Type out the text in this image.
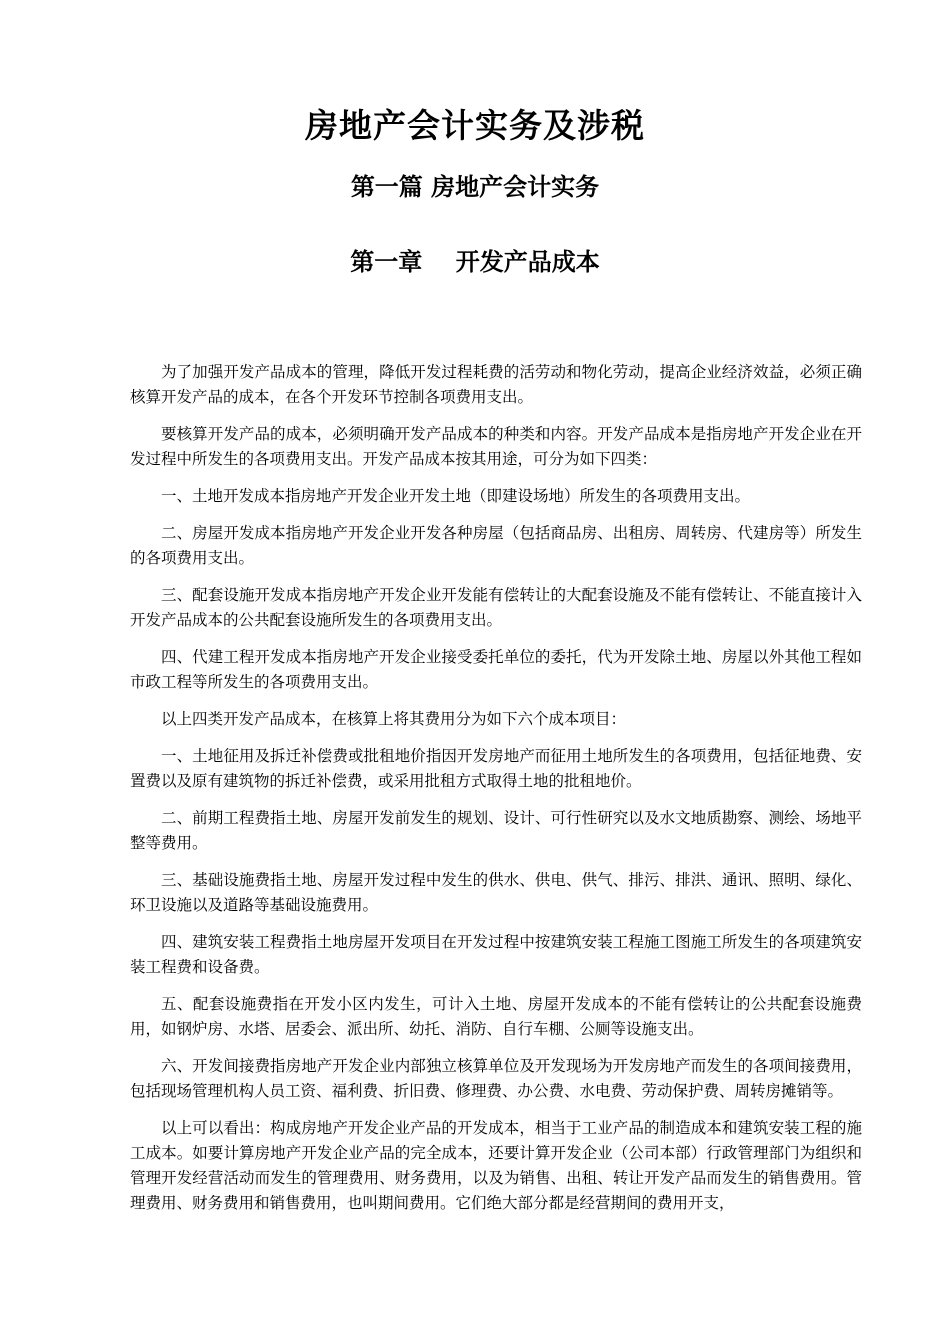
房地产会计实务及涉税
第一篇 房地产会计实务
第一章    开发产品成本

为了加强开发产品成本的管理，降低开发过程耗费的活劳动和物化劳动，提高企业经济效益，必须正确核算开发产品的成本，在各个开发环节控制各项费用支出。

要核算开发产品的成本，必须明确开发产品成本的种类和内容。开发产品成本是指房地产开发企业在开发过程中所发生的各项费用支出。开发产品成本按其用途，可分为如下四类：

一、土地开发成本指房地产开发企业开发土地（即建设场地）所发生的各项费用支出。

二、房屋开发成本指房地产开发企业开发各种房屋（包括商品房、出租房、周转房、代建房等）所发生的各项费用支出。

三、配套设施开发成本指房地产开发企业开发能有偿转让的大配套设施及不能有偿转让、不能直接计入开发产品成本的公共配套设施所发生的各项费用支出。

四、代建工程开发成本指房地产开发企业接受委托单位的委托，代为开发除土地、房屋以外其他工程如市政工程等所发生的各项费用支出。

以上四类开发产品成本，在核算上将其费用分为如下六个成本项目：

一、土地征用及拆迁补偿费或批租地价指因开发房地产而征用土地所发生的各项费用，包括征地费、安置费以及原有建筑物的拆迁补偿费，或采用批租方式取得土地的批租地价。

二、前期工程费指土地、房屋开发前发生的规划、设计、可行性研究以及水文地质勘察、测绘、场地平整等费用。

三、基础设施费指土地、房屋开发过程中发生的供水、供电、供气、排污、排洪、通讯、照明、绿化、环卫设施以及道路等基础设施费用。

四、建筑安装工程费指土地房屋开发项目在开发过程中按建筑安装工程施工图施工所发生的各项建筑安装工程费和设备费。

五、配套设施费指在开发小区内发生，可计入土地、房屋开发成本的不能有偿转让的公共配套设施费用，如钢炉房、水塔、居委会、派出所、幼托、消防、自行车棚、公厕等设施支出。

六、开发间接费指房地产开发企业内部独立核算单位及开发现场为开发房地产而发生的各项间接费用，包括现场管理机构人员工资、福利费、折旧费、修理费、办公费、水电费、劳动保护费、周转房摊销等。

以上可以看出：构成房地产开发企业产品的开发成本，相当于工业产品的制造成本和建筑安装工程的施工成本。如要计算房地产开发企业产品的完全成本，还要计算开发企业（公司本部）行政管理部门为组织和管理开发经营活动而发生的管理费用、财务费用，以及为销售、出租、转让开发产品而发生的销售费用。管理费用、财务费用和销售费用，也叫期间费用。它们绝大部分都是经营期间的费用开支，
